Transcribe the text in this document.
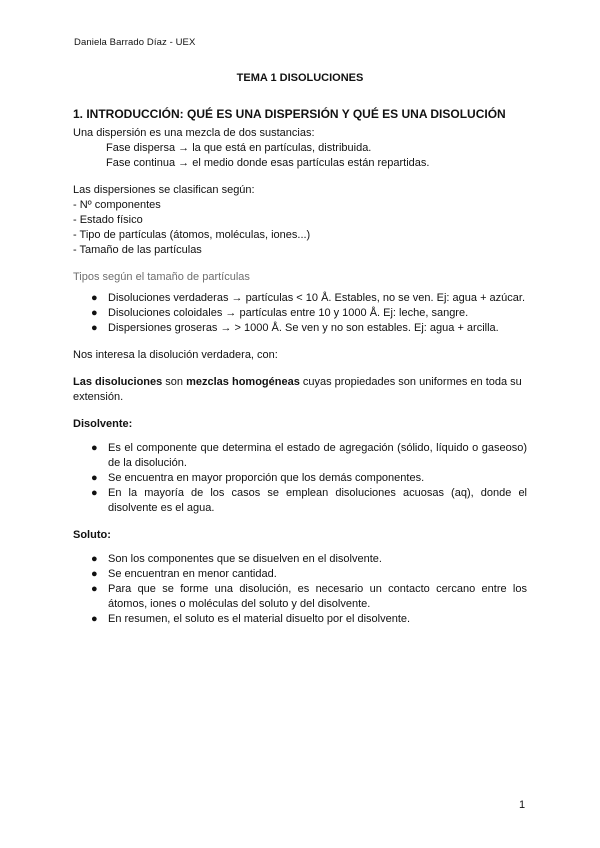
Daniela Barrado Díaz - UEX
TEMA 1 DISOLUCIONES
1. INTRODUCCIÓN: QUÉ ES UNA DISPERSIÓN Y QUÉ ES UNA DISOLUCIÓN

Una dispersión es una mezcla de dos sustancias:

Fase dispersa → la que está en partículas, distribuida.

Fase continua → el medio donde esas partículas están repartidas.

Las dispersiones se clasifican según:

- Nº componentes
- Estado físico
- Tipo de partículas (átomos, moléculas, iones...)
- Tamaño de las partículas

Tipos según el tamaño de partículas

● Disoluciones verdaderas → partículas < 10 Å. Estables, no se ven. Ej: agua + azúcar.
● Disoluciones coloidales → partículas entre 10 y 1000 Å. Ej: leche, sangre.
● Dispersiones groseras → > 1000 Å. Se ven y no son estables. Ej: agua + arcilla.

Nos interesa la disolución verdadera, con:

Las disoluciones son mezclas homogéneas cuyas propiedades son uniformes en toda su extensión.

Disolvente:

● Es el componente que determina el estado de agregación (sólido, líquido o gaseoso) de la disolución.
● Se encuentra en mayor proporción que los demás componentes.
● En la mayoría de los casos se emplean disoluciones acuosas (aq), donde el disolvente es el agua.

Soluto:

● Son los componentes que se disuelven en el disolvente.
● Se encuentran en menor cantidad.
● Para que se forme una disolución, es necesario un contacto cercano entre los átomos, iones o moléculas del soluto y del disolvente.
● En resumen, el soluto es el material disuelto por el disolvente.
1
